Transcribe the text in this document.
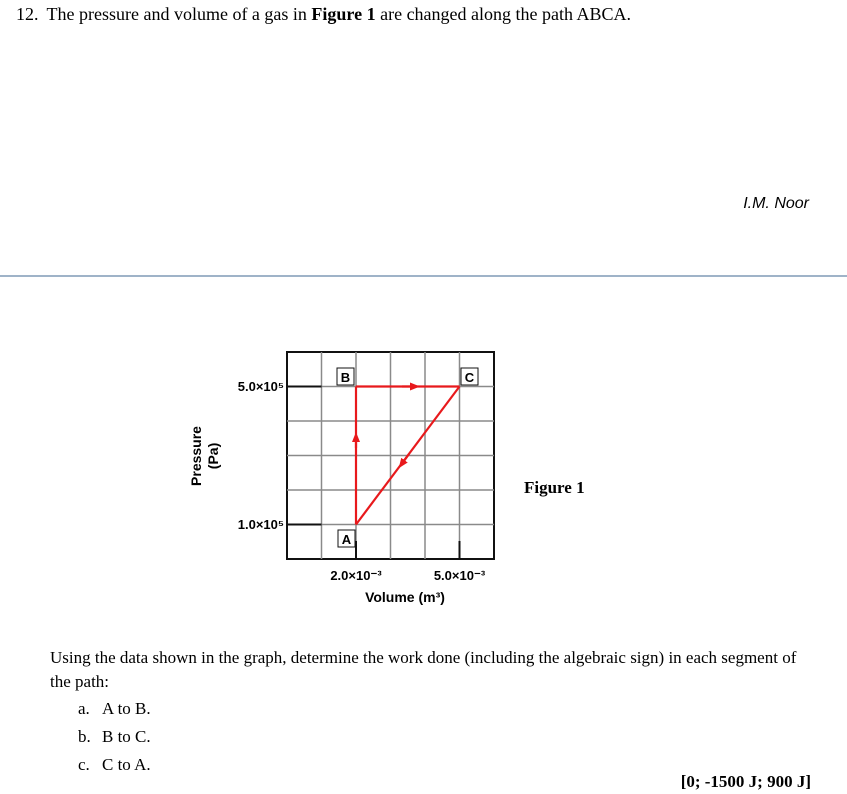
12. The pressure and volume of a gas in Figure 1 are changed along the path ABCA.
I.M. Noor
B	C
A
5.0×10⁵
1.0×10⁵
2.0×10⁻³	5.0×10⁻³
Volume (m³)
Pressure (Pa)
Figure 1
Using the data shown in the graph, determine the work done (including the algebraic sign) in each segment of the path:
a. A to B.
b. B to C.
c. C to A.
[0; -1500 J; 900 J]
